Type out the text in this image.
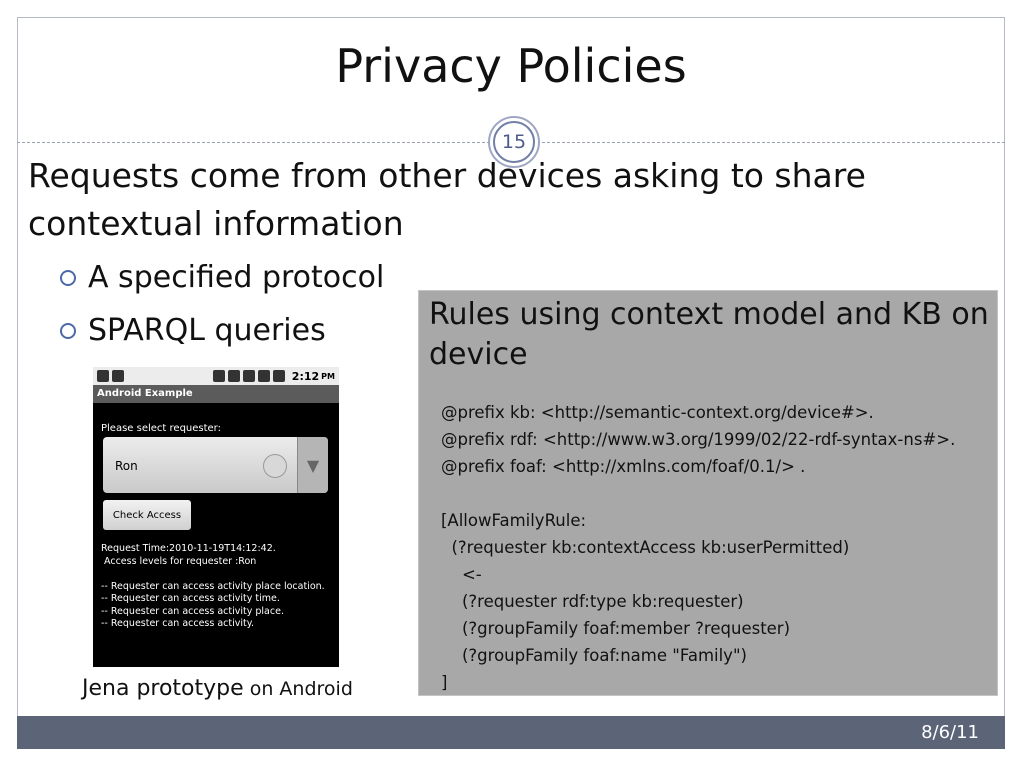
Privacy Policies
15
Requests come from other devices asking to share contextual information
A specified protocol
SPARQL queries
2:12 PM
Android Example
Please select requester:
Ron	▼
Check Access
Request Time:2010-11-19T14:12:42.
Access levels for requester :Ron

-- Requester can access activity place location.
-- Requester can access activity time.
-- Requester can access activity place.
-- Requester can access activity.
Jena prototype on Android
Rules using context model and KB on device
@prefix kb: <http://semantic-context.org/device#>.
@prefix rdf: <http://www.w3.org/1999/02/22-rdf-syntax-ns#>.
@prefix foaf: <http://xmlns.com/foaf/0.1/> .

[AllowFamilyRule:
(?requester kb:contextAccess kb:userPermitted)
<-
(?requester rdf:type kb:requester)
(?groupFamily foaf:member ?requester)
(?groupFamily foaf:name "Family")
]
8/6/11
